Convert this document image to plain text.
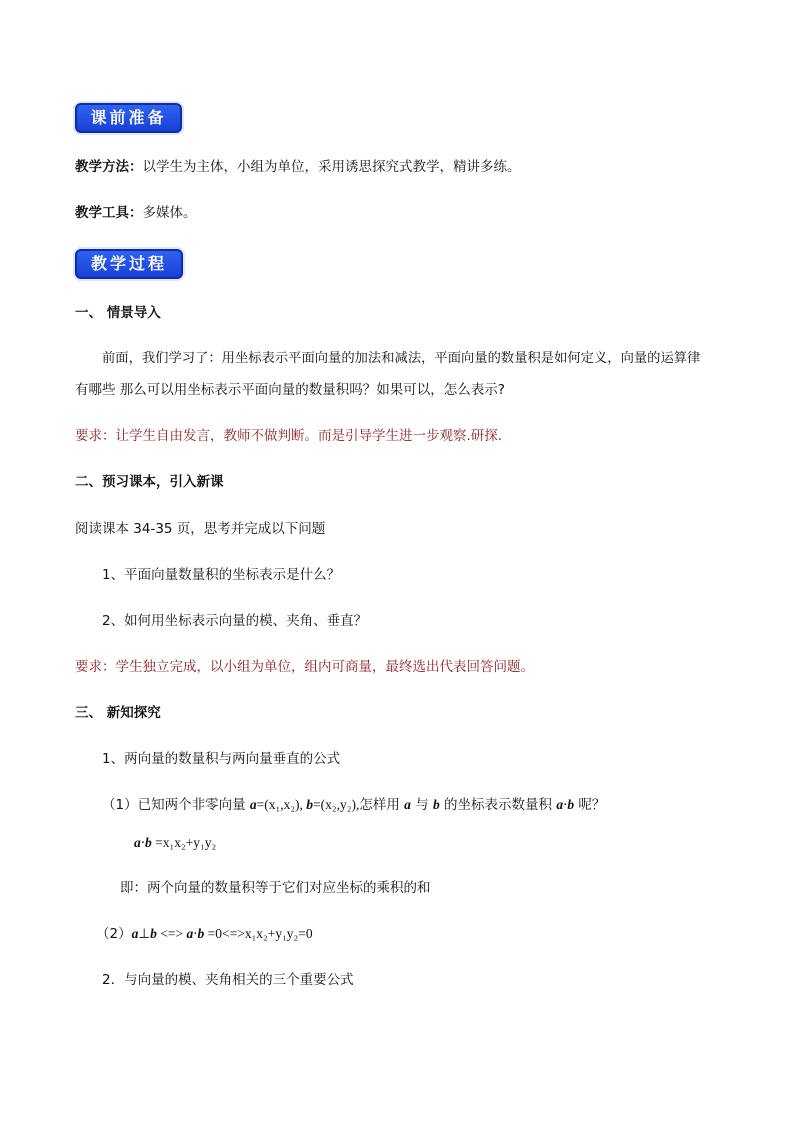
课前准备
教学方法：以学生为主体，小组为单位，采用诱思探究式教学，精讲多练。
教学工具：多媒体。
教学过程
一、 情景导入
前面，我们学习了：用坐标表示平面向量的加法和减法，平面向量的数量积是如何定义，向量的运算律
有哪些 那么可以用坐标表示平面向量的数量积吗？如果可以，怎么表示?
要求：让学生自由发言，教师不做判断。而是引导学生进一步观察.研探.
二、预习课本，引入新课
阅读课本 34-35 页，思考并完成以下问题
1、平面向量数量积的坐标表示是什么？
2、如何用坐标表示向量的模、夹角、垂直？
要求：学生独立完成，以小组为单位，组内可商量，最终选出代表回答问题。
三、 新知探究
1、两向量的数量积与两向量垂直的公式
（1）已知两个非零向量 a=(x₁,x₂), b=(x₂,y₂),怎样用 a 与 b 的坐标表示数量积 a·b 呢？
a·b =x₁x₂+y₁y₂
即：两个向量的数量积等于它们对应坐标的乘积的和
（2）a⊥b <=> a·b =0<=>x₁x₂+y₁y₂=0
2．与向量的模、夹角相关的三个重要公式
